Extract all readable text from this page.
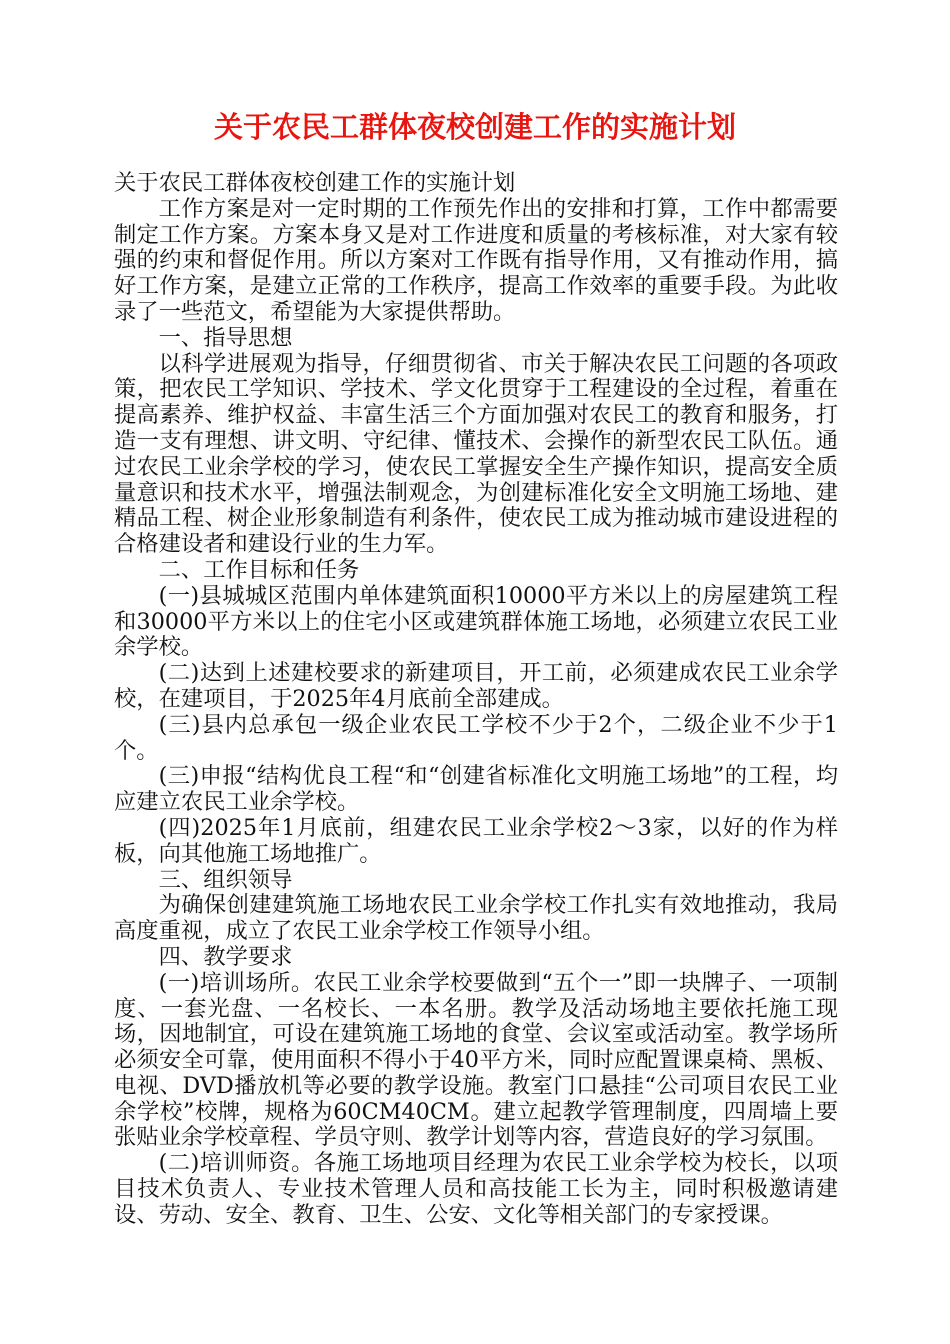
关于农民工群体夜校创建工作的实施计划

关于农民工群体夜校创建工作的实施计划

工作方案是对一定时期的工作预先作出的安排和打算，工作中都需要制定工作方案。方案本身又是对工作进度和质量的考核标准，对大家有较强的约束和督促作用。所以方案对工作既有指导作用，又有推动作用，搞好工作方案，是建立正常的工作秩序，提高工作效率的重要手段。为此收录了一些范文，希望能为大家提供帮助。

一、指导思想

以科学进展观为指导，仔细贯彻省、市关于解决农民工问题的各项政策，把农民工学知识、学技术、学文化贯穿于工程建设的全过程，着重在提高素养、维护权益、丰富生活三个方面加强对农民工的教育和服务，打造一支有理想、讲文明、守纪律、懂技术、会操作的新型农民工队伍。通过农民工业余学校的学习，使农民工掌握安全生产操作知识，提高安全质量意识和技术水平，增强法制观念，为创建标准化安全文明施工场地、建精品工程、树企业形象制造有利条件，使农民工成为推动城市建设进程的合格建设者和建设行业的生力军。

二、工作目标和任务

(一)县城城区范围内单体建筑面积10000平方米以上的房屋建筑工程和30000平方米以上的住宅小区或建筑群体施工场地，必须建立农民工业余学校。

(二)达到上述建校要求的新建项目，开工前，必须建成农民工业余学校，在建项目，于2025年4月底前全部建成。

(三)县内总承包一级企业农民工学校不少于2个，二级企业不少于1个。

(三)申报“结构优良工程“和“创建省标准化文明施工场地”的工程，均应建立农民工业余学校。

(四)2025年1月底前，组建农民工业余学校2～3家，以好的作为样板，向其他施工场地推广。

三、组织领导

为确保创建建筑施工场地农民工业余学校工作扎实有效地推动，我局高度重视，成立了农民工业余学校工作领导小组。

四、教学要求

(一)培训场所。农民工业余学校要做到“五个一”即一块牌子、一项制度、一套光盘、一名校长、一本名册。教学及活动场地主要依托施工现场，因地制宜，可设在建筑施工场地的食堂、会议室或活动室。教学场所必须安全可靠，使用面积不得小于40平方米，同时应配置课桌椅、黑板、电视、DVD播放机等必要的教学设施。教室门口悬挂“公司项目农民工业余学校”校牌，规格为60CM40CM。建立起教学管理制度，四周墙上要张贴业余学校章程、学员守则、教学计划等内容，营造良好的学习氛围。

(二)培训师资。各施工场地项目经理为农民工业余学校为校长，以项目技术负责人、专业技术管理人员和高技能工长为主，同时积极邀请建设、劳动、安全、教育、卫生、公安、文化等相关部门的专家授课。
